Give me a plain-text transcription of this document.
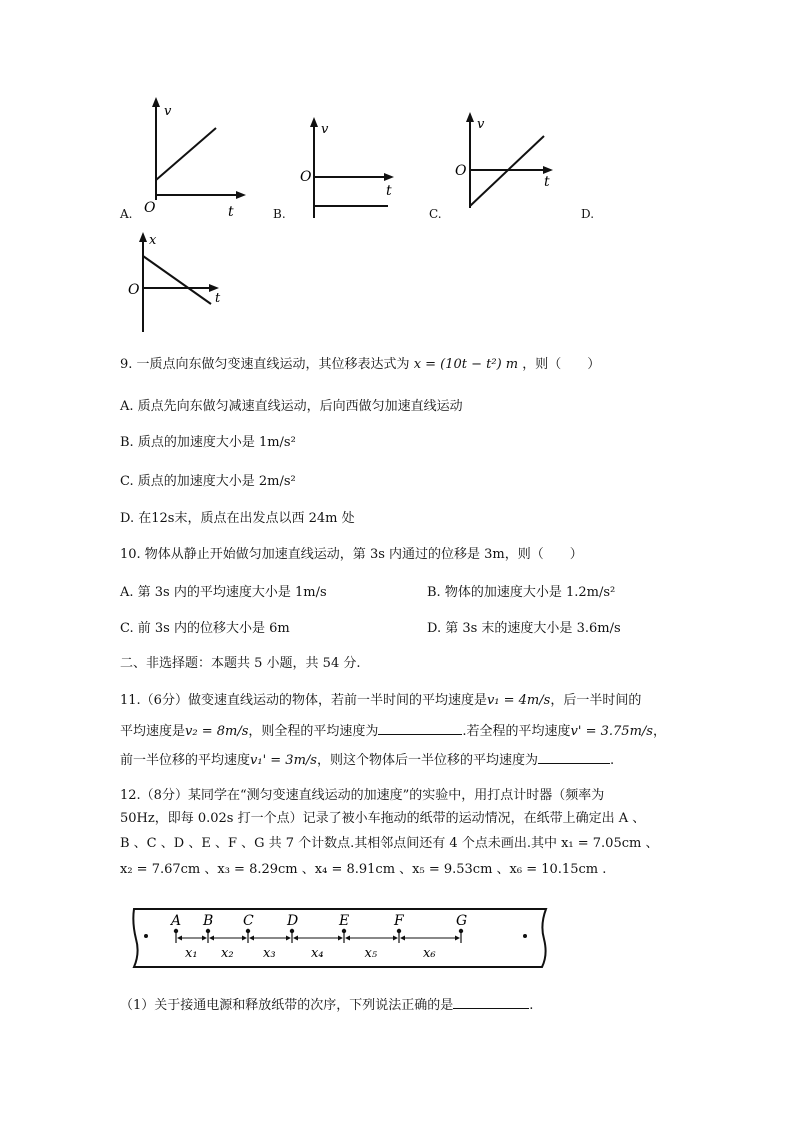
A.
v
O	t	B.
v
O
t
C.
v
O
t
D.
x
O
t
9. 一质点向东做匀变速直线运动，其位移表达式为 x = (10t − t²) m ，则（　　）
A. 质点先向东做匀减速直线运动，后向西做匀加速直线运动
B. 质点的加速度大小是 1m/s²
C. 质点的加速度大小是 2m/s²
D. 在12s末，质点在出发点以西 24m 处
10. 物体从静止开始做匀加速直线运动，第 3s 内通过的位移是 3m，则（　　）
A. 第 3s 内的平均速度大小是 1m/s	B. 物体的加速度大小是 1.2m/s²
C. 前 3s 内的位移大小是 6m	D. 第 3s 末的速度大小是 3.6m/s
二、非选择题：本题共 5 小题，共 54 分.
11.（6分）做变速直线运动的物体，若前一半时间的平均速度是v₁ = 4m/s，后一半时间的
平均速度是v₂ = 8m/s，则全程的平均速度为	.若全程的平均速度v' = 3.75m/s，
前一半位移的平均速度v₁' = 3m/s，则这个物体后一半位移的平均速度为	.
12.（8分）某同学在“测匀变速直线运动的加速度”的实验中，用打点计时器（频率为
50Hz，即每 0.02s 打一个点）记录了被小车拖动的纸带的运动情况，在纸带上确定出 A 、
B 、C 、D 、E 、F 、G 共 7 个计数点.其相邻点间还有 4 个点未画出.其中 x₁ = 7.05cm 、
x₂ = 7.67cm 、x₃ = 8.29cm 、x₄ = 8.91cm 、x₅ = 9.53cm 、x₆ = 10.15cm .
A B C D	E	F	G
x₁ x₂ x₃	x₄	x₅	x₆
（1）关于接通电源和释放纸带的次序，下列说法正确的是	.
